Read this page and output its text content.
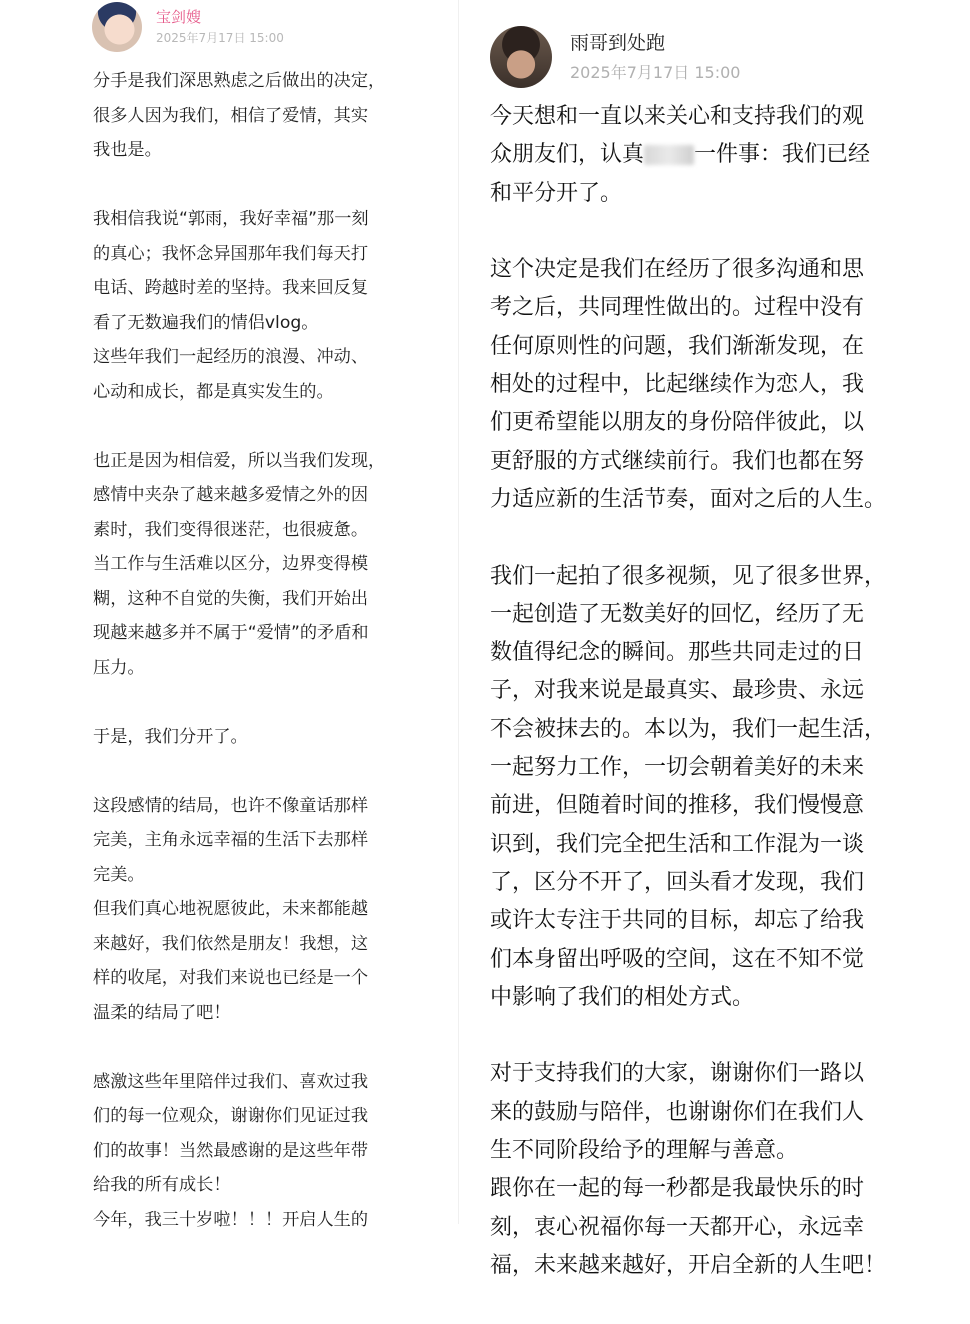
宝剑嫂
2025年7月17日 15:00

分手是我们深思熟虑之后做出的决定，
很多人因为我们，相信了爱情，其实
我也是。

我相信我说“郭雨，我好幸福”那一刻
的真心；我怀念异国那年我们每天打
电话、跨越时差的坚持。我来回反复
看了无数遍我们的情侣vlog。
这些年我们一起经历的浪漫、冲动、
心动和成长，都是真实发生的。

也正是因为相信爱，所以当我们发现，
感情中夹杂了越来越多爱情之外的因
素时，我们变得很迷茫，也很疲惫。
当工作与生活难以区分，边界变得模
糊，这种不自觉的失衡，我们开始出
现越来越多并不属于“爱情”的矛盾和
压力。

于是，我们分开了。

这段感情的结局，也许不像童话那样
完美，主角永远幸福的生活下去那样
完美。
但我们真心地祝愿彼此，未来都能越
来越好，我们依然是朋友！我想，这
样的收尾，对我们来说也已经是一个
温柔的结局了吧！

感激这些年里陪伴过我们、喜欢过我
们的每一位观众，谢谢你们见证过我
们的故事！当然最感谢的是这些年带
给我的所有成长！
今年，我三十岁啦！！！开启人生的

雨哥到处跑
2025年7月17日 15:00

今天想和一直以来关心和支持我们的观
众朋友们，认真 一件事：我们已经
和平分开了。

这个决定是我们在经历了很多沟通和思
考之后，共同理性做出的。过程中没有
任何原则性的问题，我们渐渐发现，在
相处的过程中，比起继续作为恋人，我
们更希望能以朋友的身份陪伴彼此，以
更舒服的方式继续前行。我们也都在努
力适应新的生活节奏，面对之后的人生。

我们一起拍了很多视频，见了很多世界，
一起创造了无数美好的回忆，经历了无
数值得纪念的瞬间。那些共同走过的日
子，对我来说是最真实、最珍贵、永远
不会被抹去的。本以为，我们一起生活，
一起努力工作，一切会朝着美好的未来
前进，但随着时间的推移，我们慢慢意
识到，我们完全把生活和工作混为一谈
了，区分不开了，回头看才发现，我们
或许太专注于共同的目标，却忘了给我
们本身留出呼吸的空间，这在不知不觉
中影响了我们的相处方式。

对于支持我们的大家，谢谢你们一路以
来的鼓励与陪伴，也谢谢你们在我们人
生不同阶段给予的理解与善意。
跟你在一起的每一秒都是我最快乐的时
刻，衷心祝福你每一天都开心，永远幸
福，未来越来越好，开启全新的人生吧！
